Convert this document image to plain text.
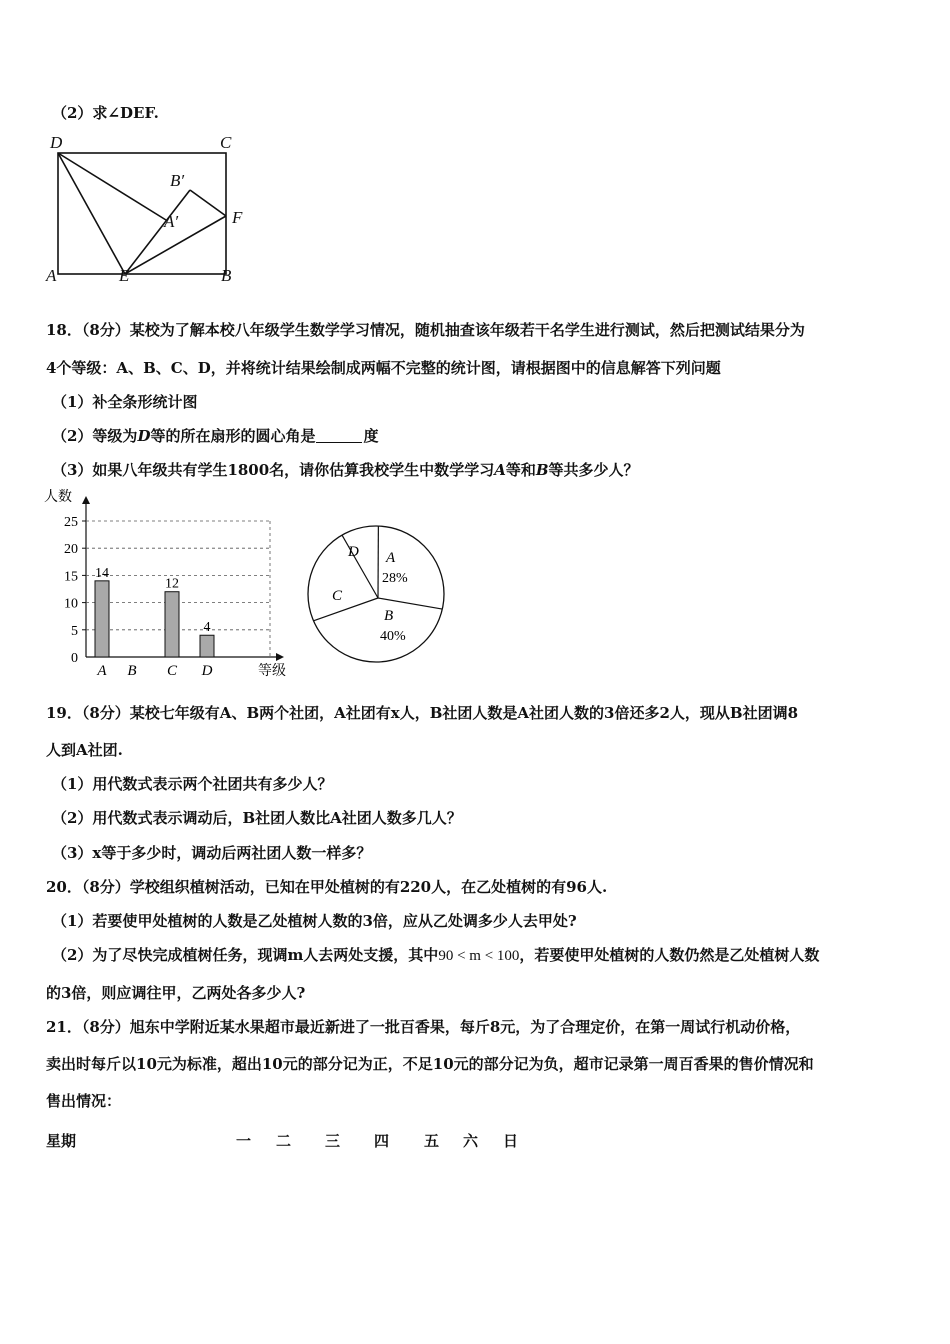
（2）求∠DEF.
D	C
B′
A′	F
A	E	B
18．（8分）某校为了解本校八年级学生数学学习情况，随机抽查该年级若干名学生进行测试，然后把测试结果分为
4个等级：A、B、C、D，并将统计结果绘制成两幅不完整的统计图，请根据图中的信息解答下列问题
（1）补全条形统计图
（2）等级为D等的所在扇形的圆心角是	度
（3）如果八年级共有学生1800名，请你估算我校学生中数学学习A等和B等共多少人？
人数
等级
0
5
10
15
20
25
A
14
B C
12
D
4
A
28%
B
40%
C
D
19．（8分）某校七年级有A、B两个社团，A社团有x人，B社团人数是A社团人数的3倍还多2人，现从B社团调8
人到A社团.
（1）用代数式表示两个社团共有多少人？
（2）用代数式表示调动后，B社团人数比A社团人数多几人？
（3）x等于多少时，调动后两社团人数一样多？
20．（8分）学校组织植树活动，已知在甲处植树的有220人，在乙处植树的有96人.
（1）若要使甲处植树的人数是乙处植树人数的3倍，应从乙处调多少人去甲处?
（2）为了尽快完成植树任务，现调m人去两处支援，其中90 < m < 100，若要使甲处植树的人数仍然是乙处植树人数
的3倍，则应调往甲，乙两处各多少人?
21．（8分）旭东中学附近某水果超市最近新进了一批百香果，每斤8元，为了合理定价，在第一周试行机动价格，
卖出时每斤以10元为标准，超出10元的部分记为正，不足10元的部分记为负，超市记录第一周百香果的售价情况和
售出情况：
星期	一 二 三 四 五 六 日
